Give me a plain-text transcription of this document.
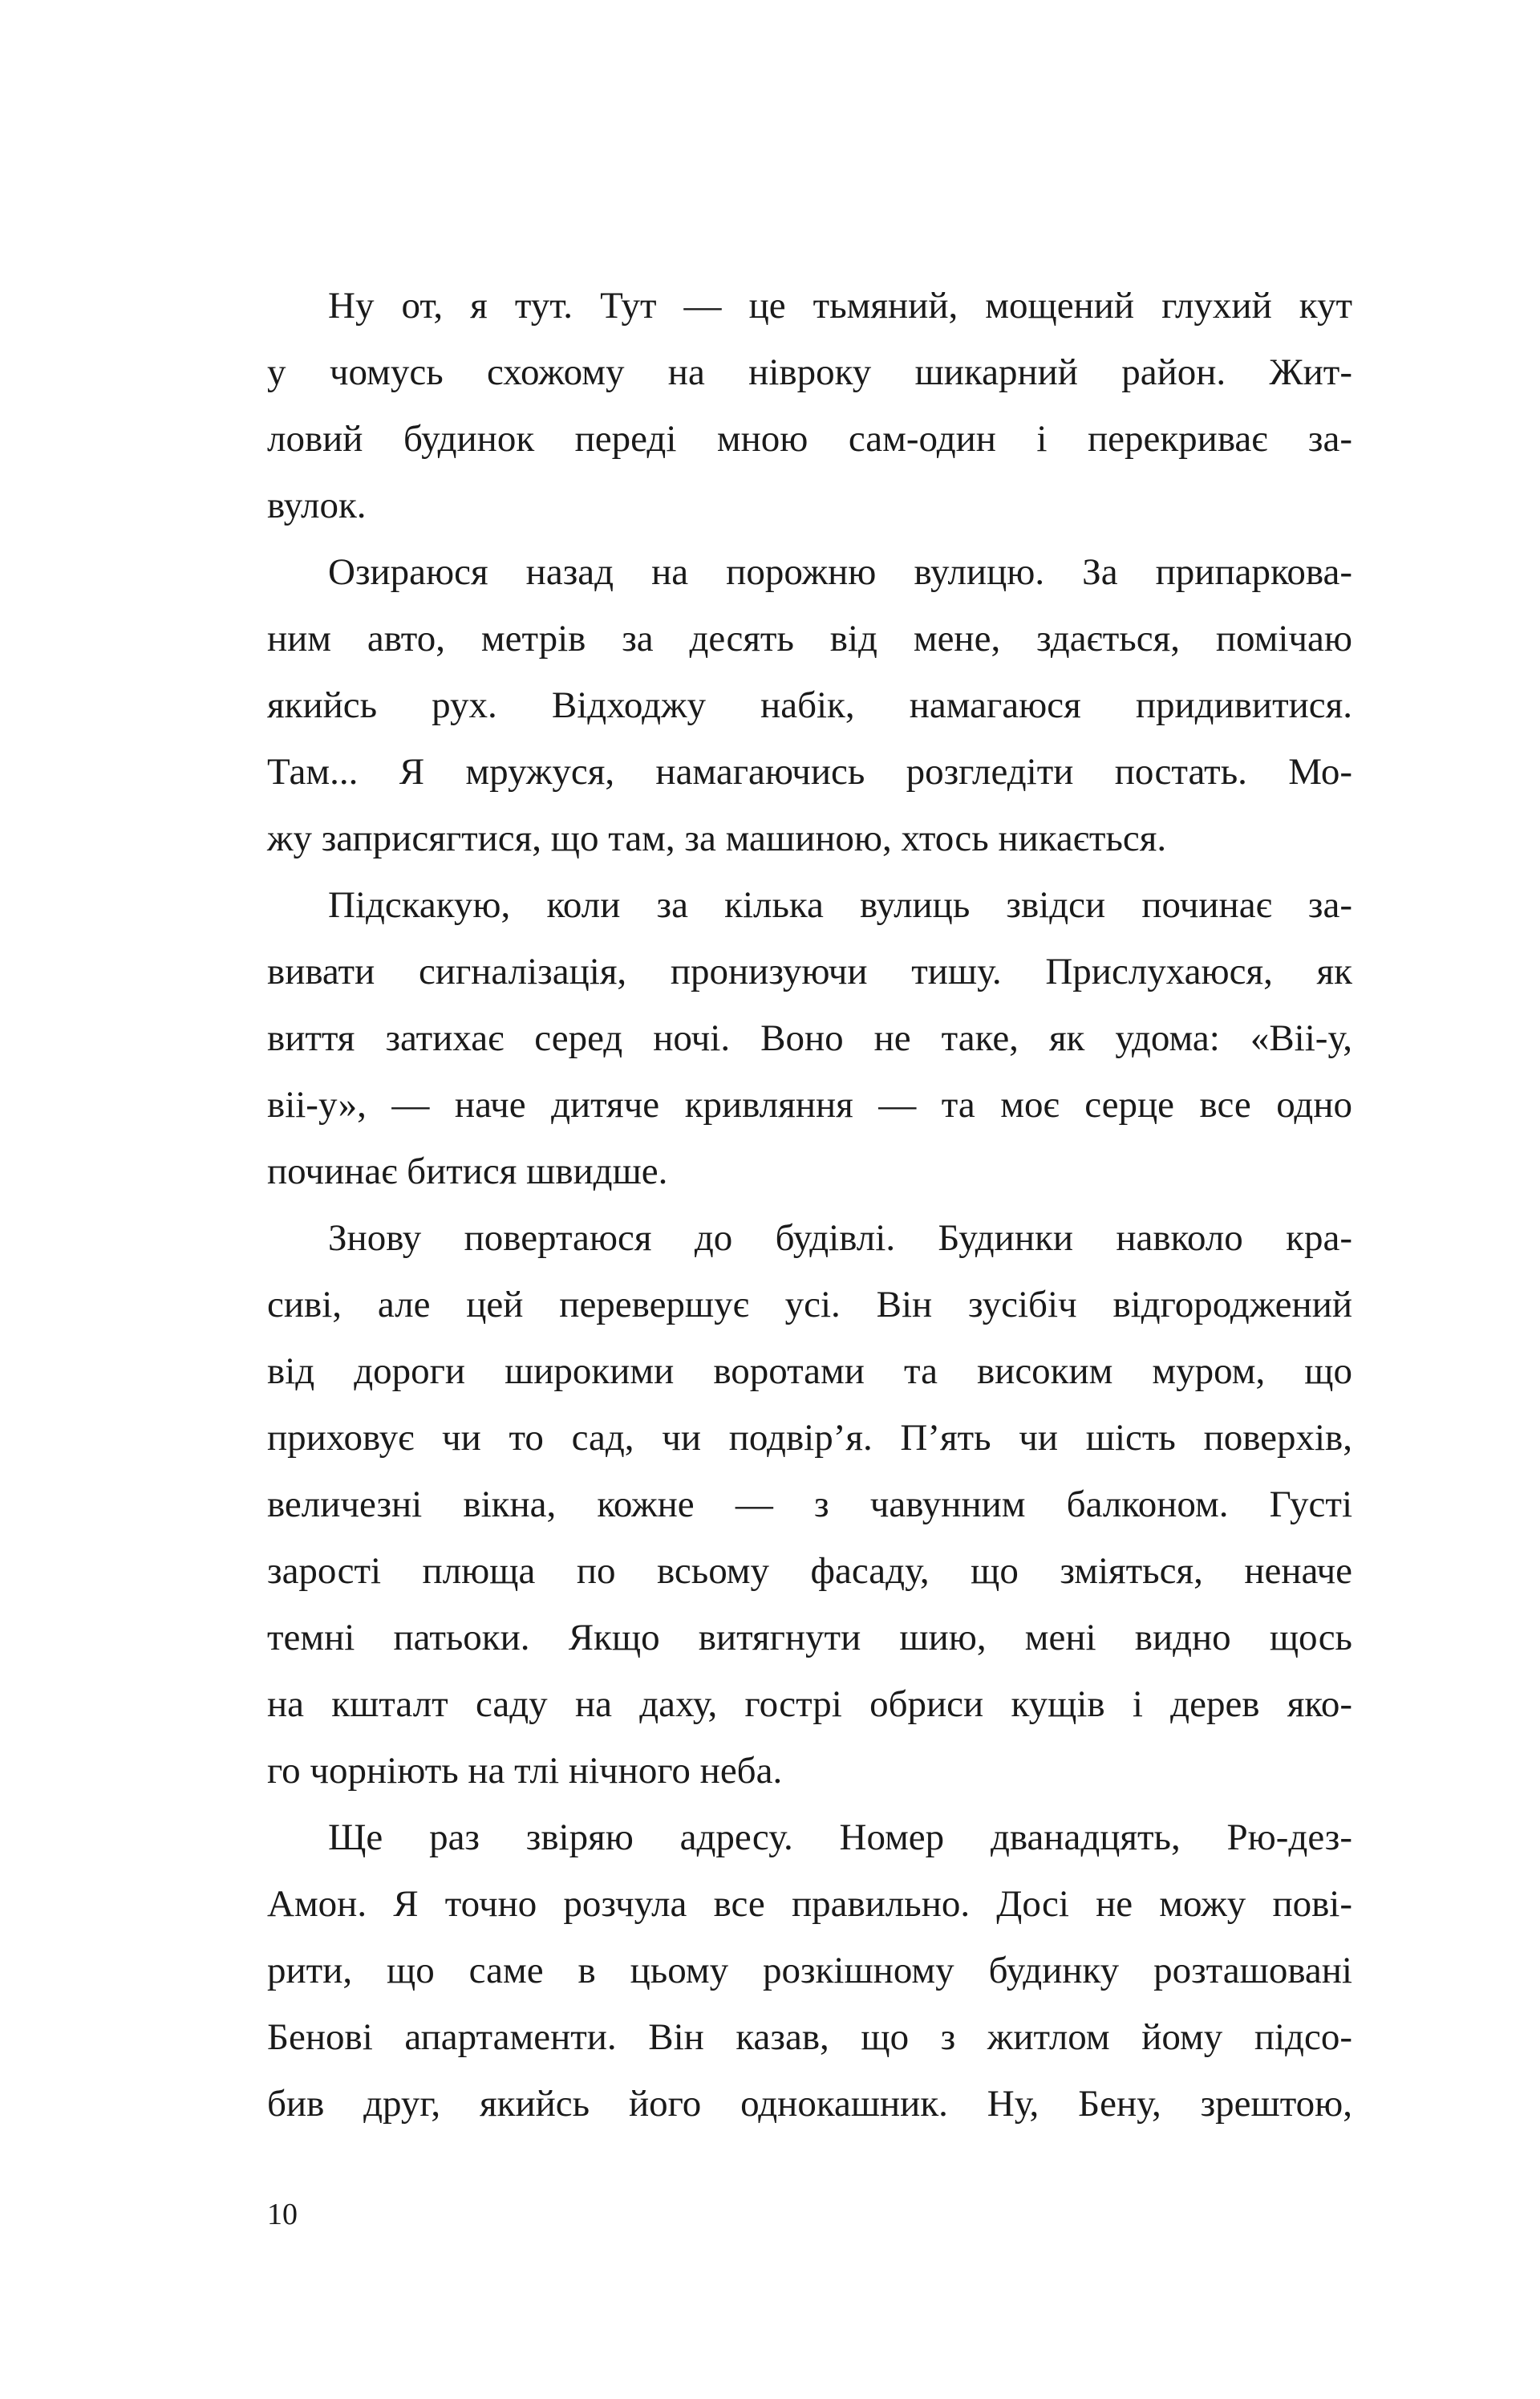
Ну от, я тут. Тут — це тьмяний, мощений глухий кут
у чомусь схожому на нівроку шикарний район. Жит-
ловий будинок переді мною сам-один і перекриває за-
вулок.
Озираюся назад на порожню вулицю. За припаркова-
ним авто, метрів за десять від мене, здається, помічаю
якийсь рух. Відходжу набік, намагаюся придивитися.
Там... Я мружуся, намагаючись розгледіти постать. Мо-
жу заприсягтися, що там, за машиною, хтось никається.
Підскакую, коли за кілька вулиць звідси починає за-
вивати сигналізація, пронизуючи тишу. Прислухаюся, як
виття затихає серед ночі. Воно не таке, як удома: «Віі-у,
віі-у», — наче дитяче кривляння — та моє серце все одно
починає битися швидше.
Знову повертаюся до будівлі. Будинки навколо кра-
сиві, але цей перевершує усі. Він зусібіч відгороджений
від дороги широкими воротами та високим муром, що
приховує чи то сад, чи подвір’я. П’ять чи шість поверхів,
величезні вікна, кожне — з чавунним балконом. Густі
зарості плюща по всьому фасаду, що зміяться, неначе
темні патьоки. Якщо витягнути шию, мені видно щось
на кшталт саду на даху, гострі обриси кущів і дерев яко-
го чорніють на тлі нічного неба.
Ще раз звіряю адресу. Номер дванадцять, Рю-дез-
Амон. Я точно розчула все правильно. Досі не можу пові-
рити, що саме в цьому розкішному будинку розташовані
Бенові апартаменти. Він казав, що з житлом йому підсо-
бив друг, якийсь його однокашник. Ну, Бену, зрештою,
10
